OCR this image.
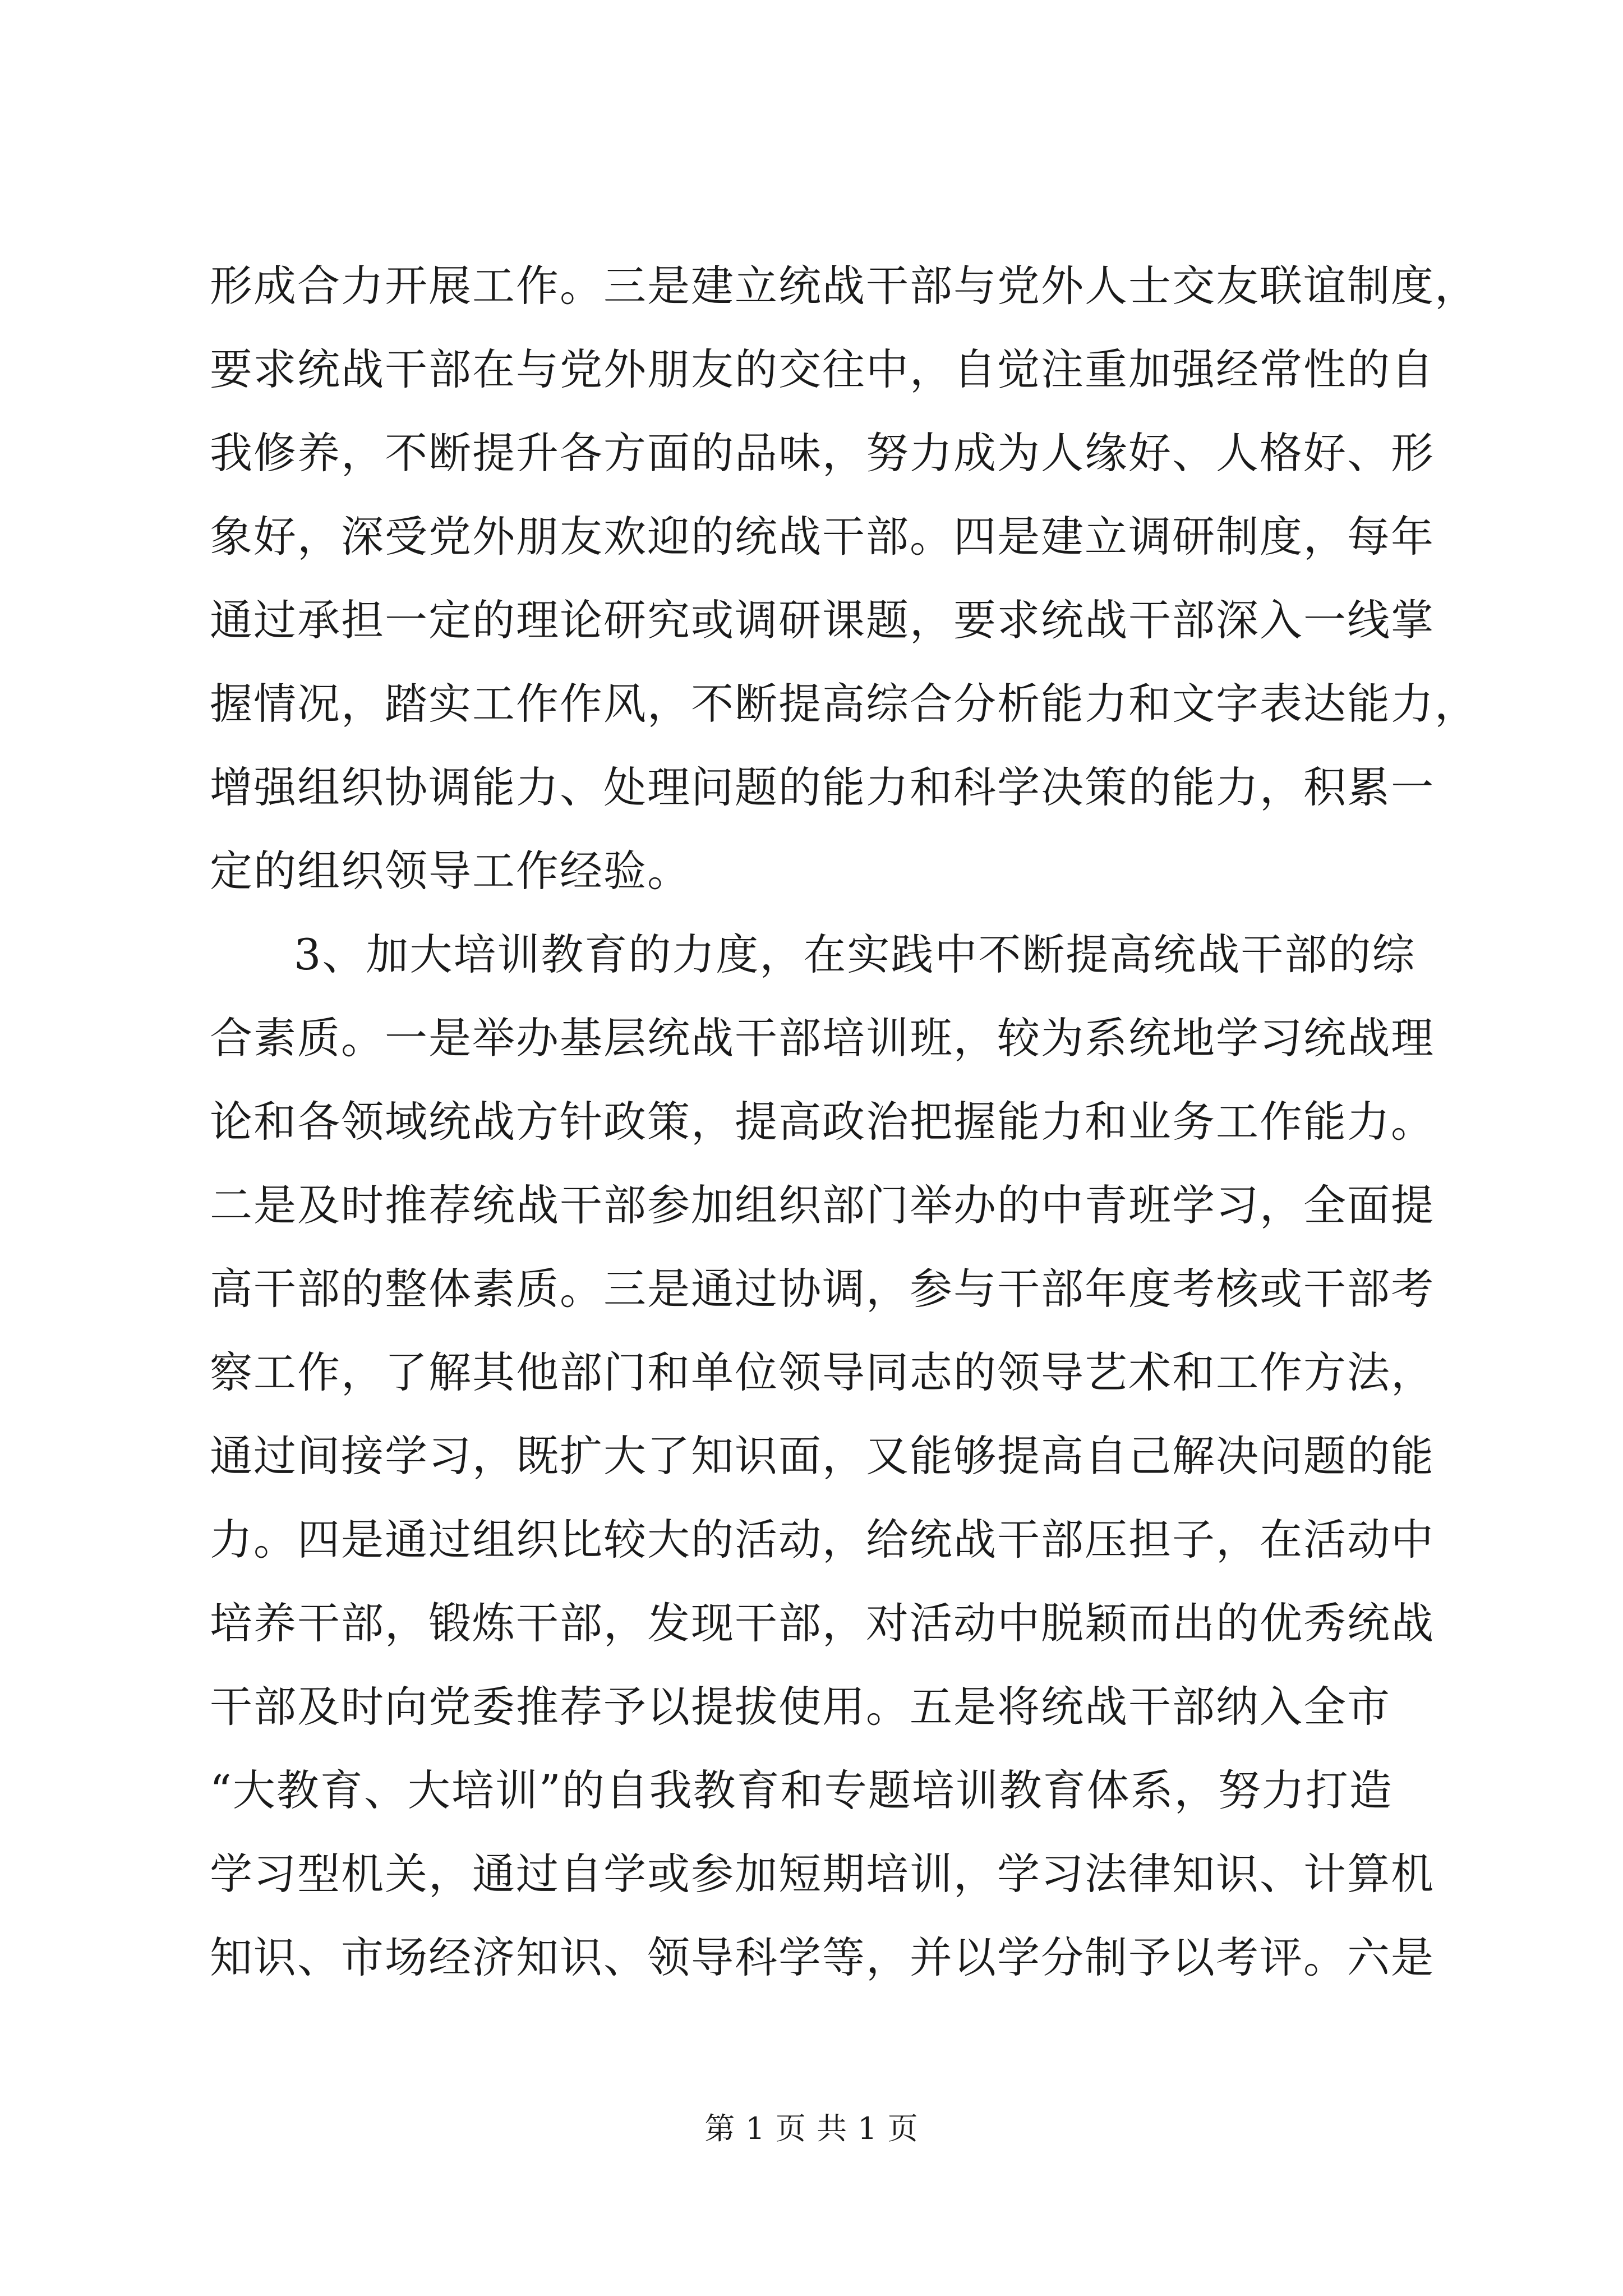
形成合力开展工作。三是建立统战干部与党外人士交友联谊制度，
要求统战干部在与党外朋友的交往中，自觉注重加强经常性的自
我修养，不断提升各方面的品味，努力成为人缘好、人格好、形
象好，深受党外朋友欢迎的统战干部。四是建立调研制度，每年
通过承担一定的理论研究或调研课题，要求统战干部深入一线掌
握情况，踏实工作作风，不断提高综合分析能力和文字表达能力，
增强组织协调能力、处理问题的能力和科学决策的能力，积累一
定的组织领导工作经验。
3、加大培训教育的力度，在实践中不断提高统战干部的综
合素质。一是举办基层统战干部培训班，较为系统地学习统战理
论和各领域统战方针政策，提高政治把握能力和业务工作能力。
二是及时推荐统战干部参加组织部门举办的中青班学习，全面提
高干部的整体素质。三是通过协调，参与干部年度考核或干部考
察工作，了解其他部门和单位领导同志的领导艺术和工作方法，
通过间接学习，既扩大了知识面，又能够提高自己解决问题的能
力。四是通过组织比较大的活动，给统战干部压担子，在活动中
培养干部，锻炼干部，发现干部，对活动中脱颖而出的优秀统战
干部及时向党委推荐予以提拔使用。五是将统战干部纳入全市
“大教育、大培训”的自我教育和专题培训教育体系，努力打造
学习型机关，通过自学或参加短期培训，学习法律知识、计算机
知识、市场经济知识、领导科学等，并以学分制予以考评。六是
第 1 页 共 1 页
